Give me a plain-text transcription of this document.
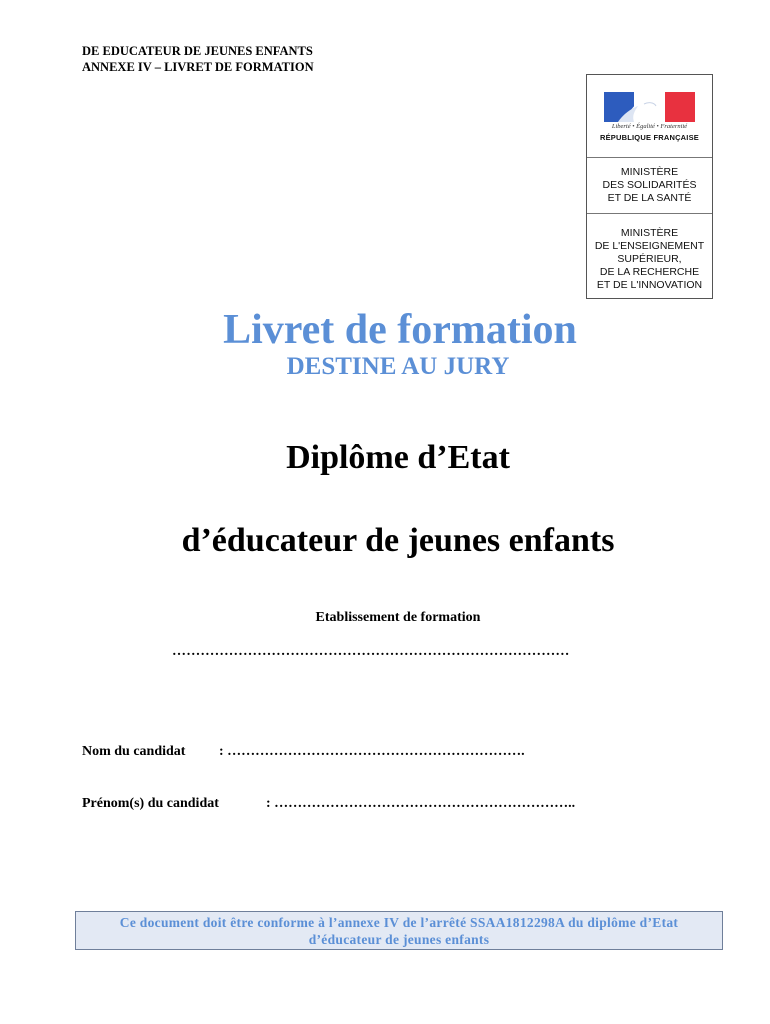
DE EDUCATEUR DE JEUNES ENFANTS
ANNEXE IV – LIVRET DE FORMATION
Liberté • Égalité • Fraternité
RÉPUBLIQUE FRANÇAISE
MINISTÈRE
DES SOLIDARITÉS
ET DE LA SANTÉ
MINISTÈRE
DE L'ENSEIGNEMENT
SUPÉRIEUR,
DE LA RECHERCHE
ET DE L'INNOVATION
Livret de formation
DESTINE AU JURY
Diplôme d’Etat
d’éducateur de jeunes enfants
Etablissement de formation
…………………………………………………………………………
Nom du candidat : ……………………………………………………….
Prénom(s) du candidat	: ………………………………………………………..
Ce document doit être conforme à l’annexe IV de l’arrêté SSAA1812298A du diplôme d’Etat
d’éducateur de jeunes enfants
